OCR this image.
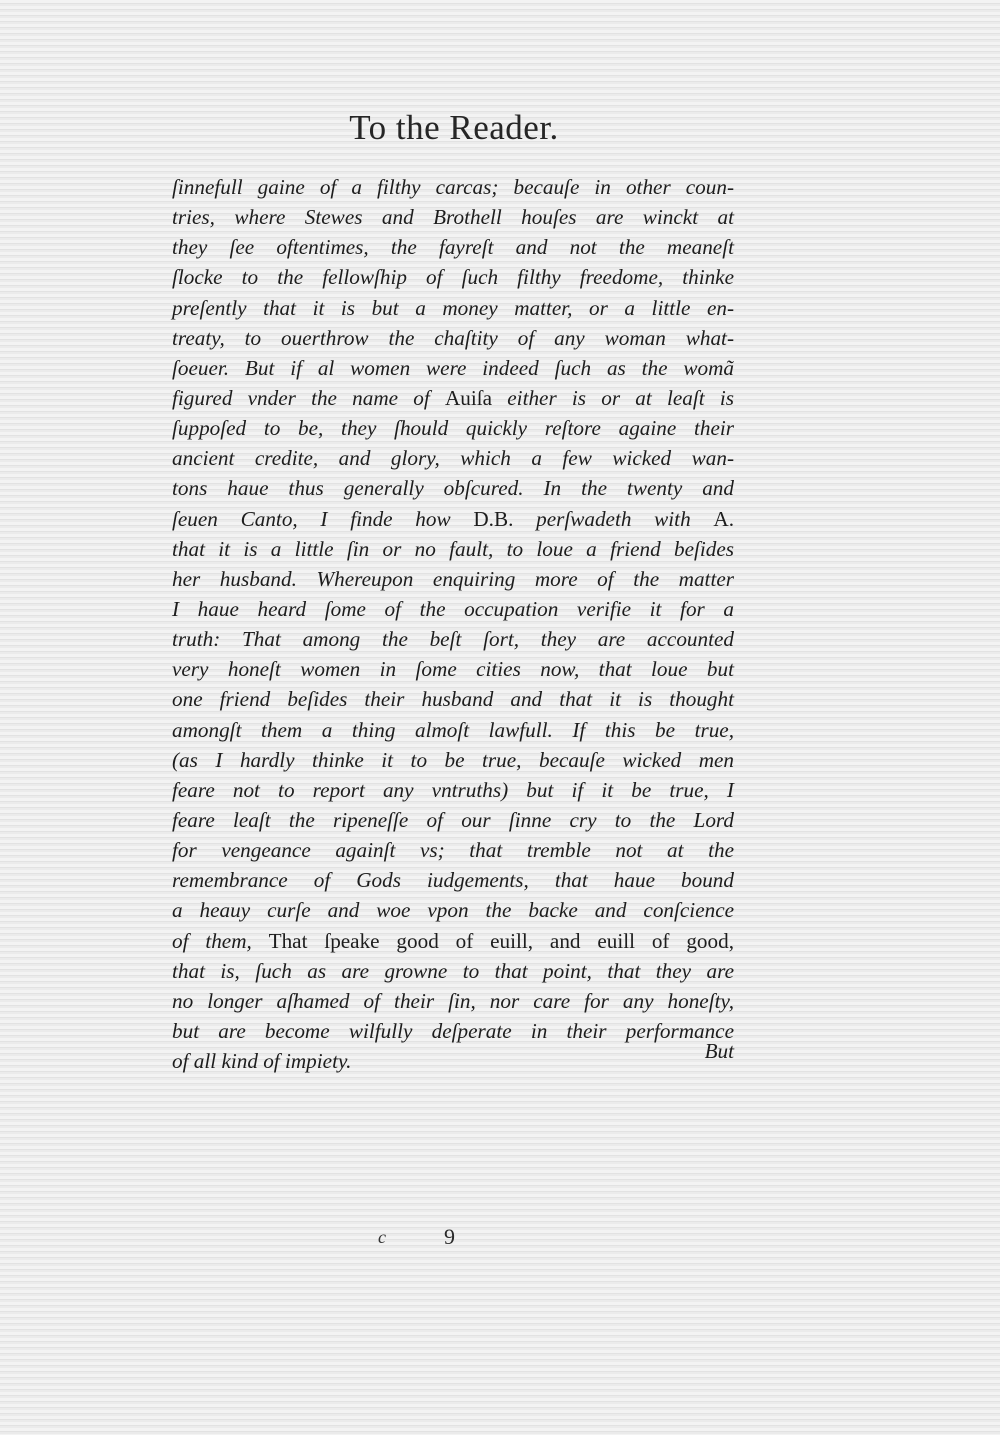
To the Reader.
ſinnefull gaine of a filthy carcas; becauſe in other coun-
tries, where Stewes and Brothell houſes are winckt at
they ſee oftentimes, the fayreſt and not the meaneſt
ſlocke to the fellowſhip of ſuch filthy freedome, thinke
preſently that it is but a money matter, or a little en-
treaty, to ouerthrow the chaſtity of any woman what-
ſoeuer. But if al women were indeed ſuch as the womã
figured vnder the name of Auiſa either is or at leaſt is
ſuppoſed to be, they ſhould quickly reſtore againe their
ancient credite, and glory, which a few wicked wan-
tons haue thus generally obſcured. In the twenty and
ſeuen Canto, I finde how D.B. perſwadeth with A.
that it is a little ſin or no fault, to loue a friend beſides
her husband. Whereupon enquiring more of the matter
I haue heard ſome of the occupation verifie it for a
truth: That among the beſt ſort, they are accounted
very honeſt women in ſome cities now, that loue but
one friend beſides their husband and that it is thought
amongſt them a thing almoſt lawfull. If this be true,
(as I hardly thinke it to be true, becauſe wicked men
feare not to report any vntruths) but if it be true, I
feare leaſt the ripeneſſe of our ſinne cry to the Lord
for vengeance againſt vs; that tremble not at the
remembrance of Gods iudgements, that haue bound
a heauy curſe and woe vpon the backe and conſcience
of them, That ſpeake good of euill, and euill of good,
that is, ſuch as are growne to that point, that they are
no longer aſhamed of their ſin, nor care for any honeſty,
but are become wilfully deſperate in their performance
of all kind of impiety.	But
c	9
